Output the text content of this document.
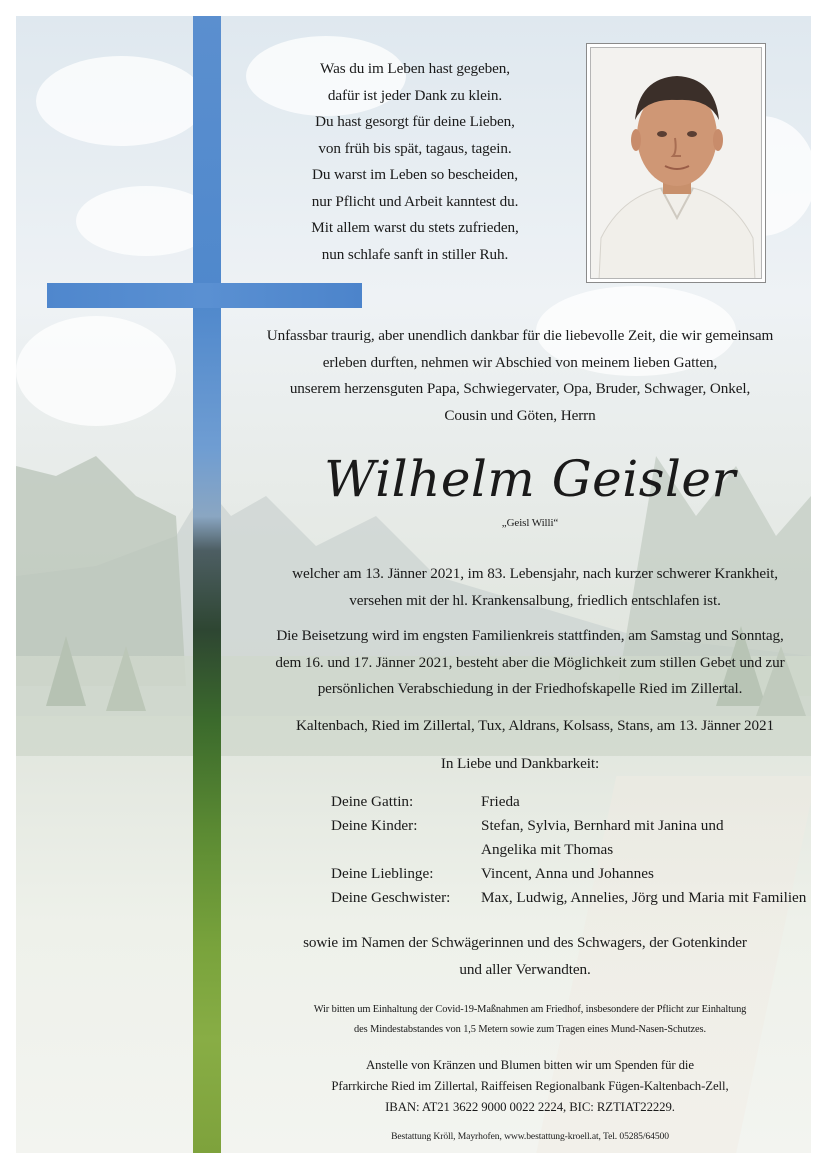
Was du im Leben hast gegeben,
dafür ist jeder Dank zu klein.
Du hast gesorgt für deine Lieben,
von früh bis spät, tagaus, tagein.
Du warst im Leben so bescheiden,
nur Pflicht und Arbeit kanntest du.
Mit allem warst du stets zufrieden,
nun schlafe sanft in stiller Ruh.
Unfassbar traurig, aber unendlich dankbar für die liebevolle Zeit, die wir gemeinsam
erleben durften, nehmen wir Abschied von meinem lieben Gatten,
unserem herzensguten Papa, Schwiegervater, Opa, Bruder, Schwager, Onkel,
Cousin und Göten, Herrn
Wilhelm Geisler
„Geisl Willi“
welcher am 13. Jänner 2021, im 83. Lebensjahr, nach kurzer schwerer Krankheit,
versehen mit der hl. Krankensalbung, friedlich entschlafen ist.
Die Beisetzung wird im engsten Familienkreis stattfinden, am Samstag und Sonntag,
dem 16. und 17. Jänner 2021, besteht aber die Möglichkeit zum stillen Gebet und zur
persönlichen Verabschiedung in der Friedhofskapelle Ried im Zillertal.
Kaltenbach, Ried im Zillertal, Tux, Aldrans, Kolsass, Stans, am 13. Jänner 2021
In Liebe und Dankbarkeit:
Deine Gattin:	Frieda
Deine Kinder:	Stefan, Sylvia, Bernhard mit Janina und
Angelika mit Thomas
Deine Lieblinge:	Vincent, Anna und Johannes
Deine Geschwister:	Max, Ludwig, Annelies, Jörg und Maria mit Familien
sowie im Namen der Schwägerinnen und des Schwagers, der Gotenkinder
und aller Verwandten.
Wir bitten um Einhaltung der Covid-19-Maßnahmen am Friedhof, insbesondere der Pflicht zur Einhaltung
des Mindestabstandes von 1,5 Metern sowie zum Tragen eines Mund-Nasen-Schutzes.
Anstelle von Kränzen und Blumen bitten wir um Spenden für die
Pfarrkirche Ried im Zillertal, Raiffeisen Regionalbank Fügen-Kaltenbach-Zell,
IBAN: AT21 3622 9000 0022 2224, BIC: RZTIAT22229.
Bestattung Kröll, Mayrhofen, www.bestattung-kroell.at, Tel. 05285/64500
